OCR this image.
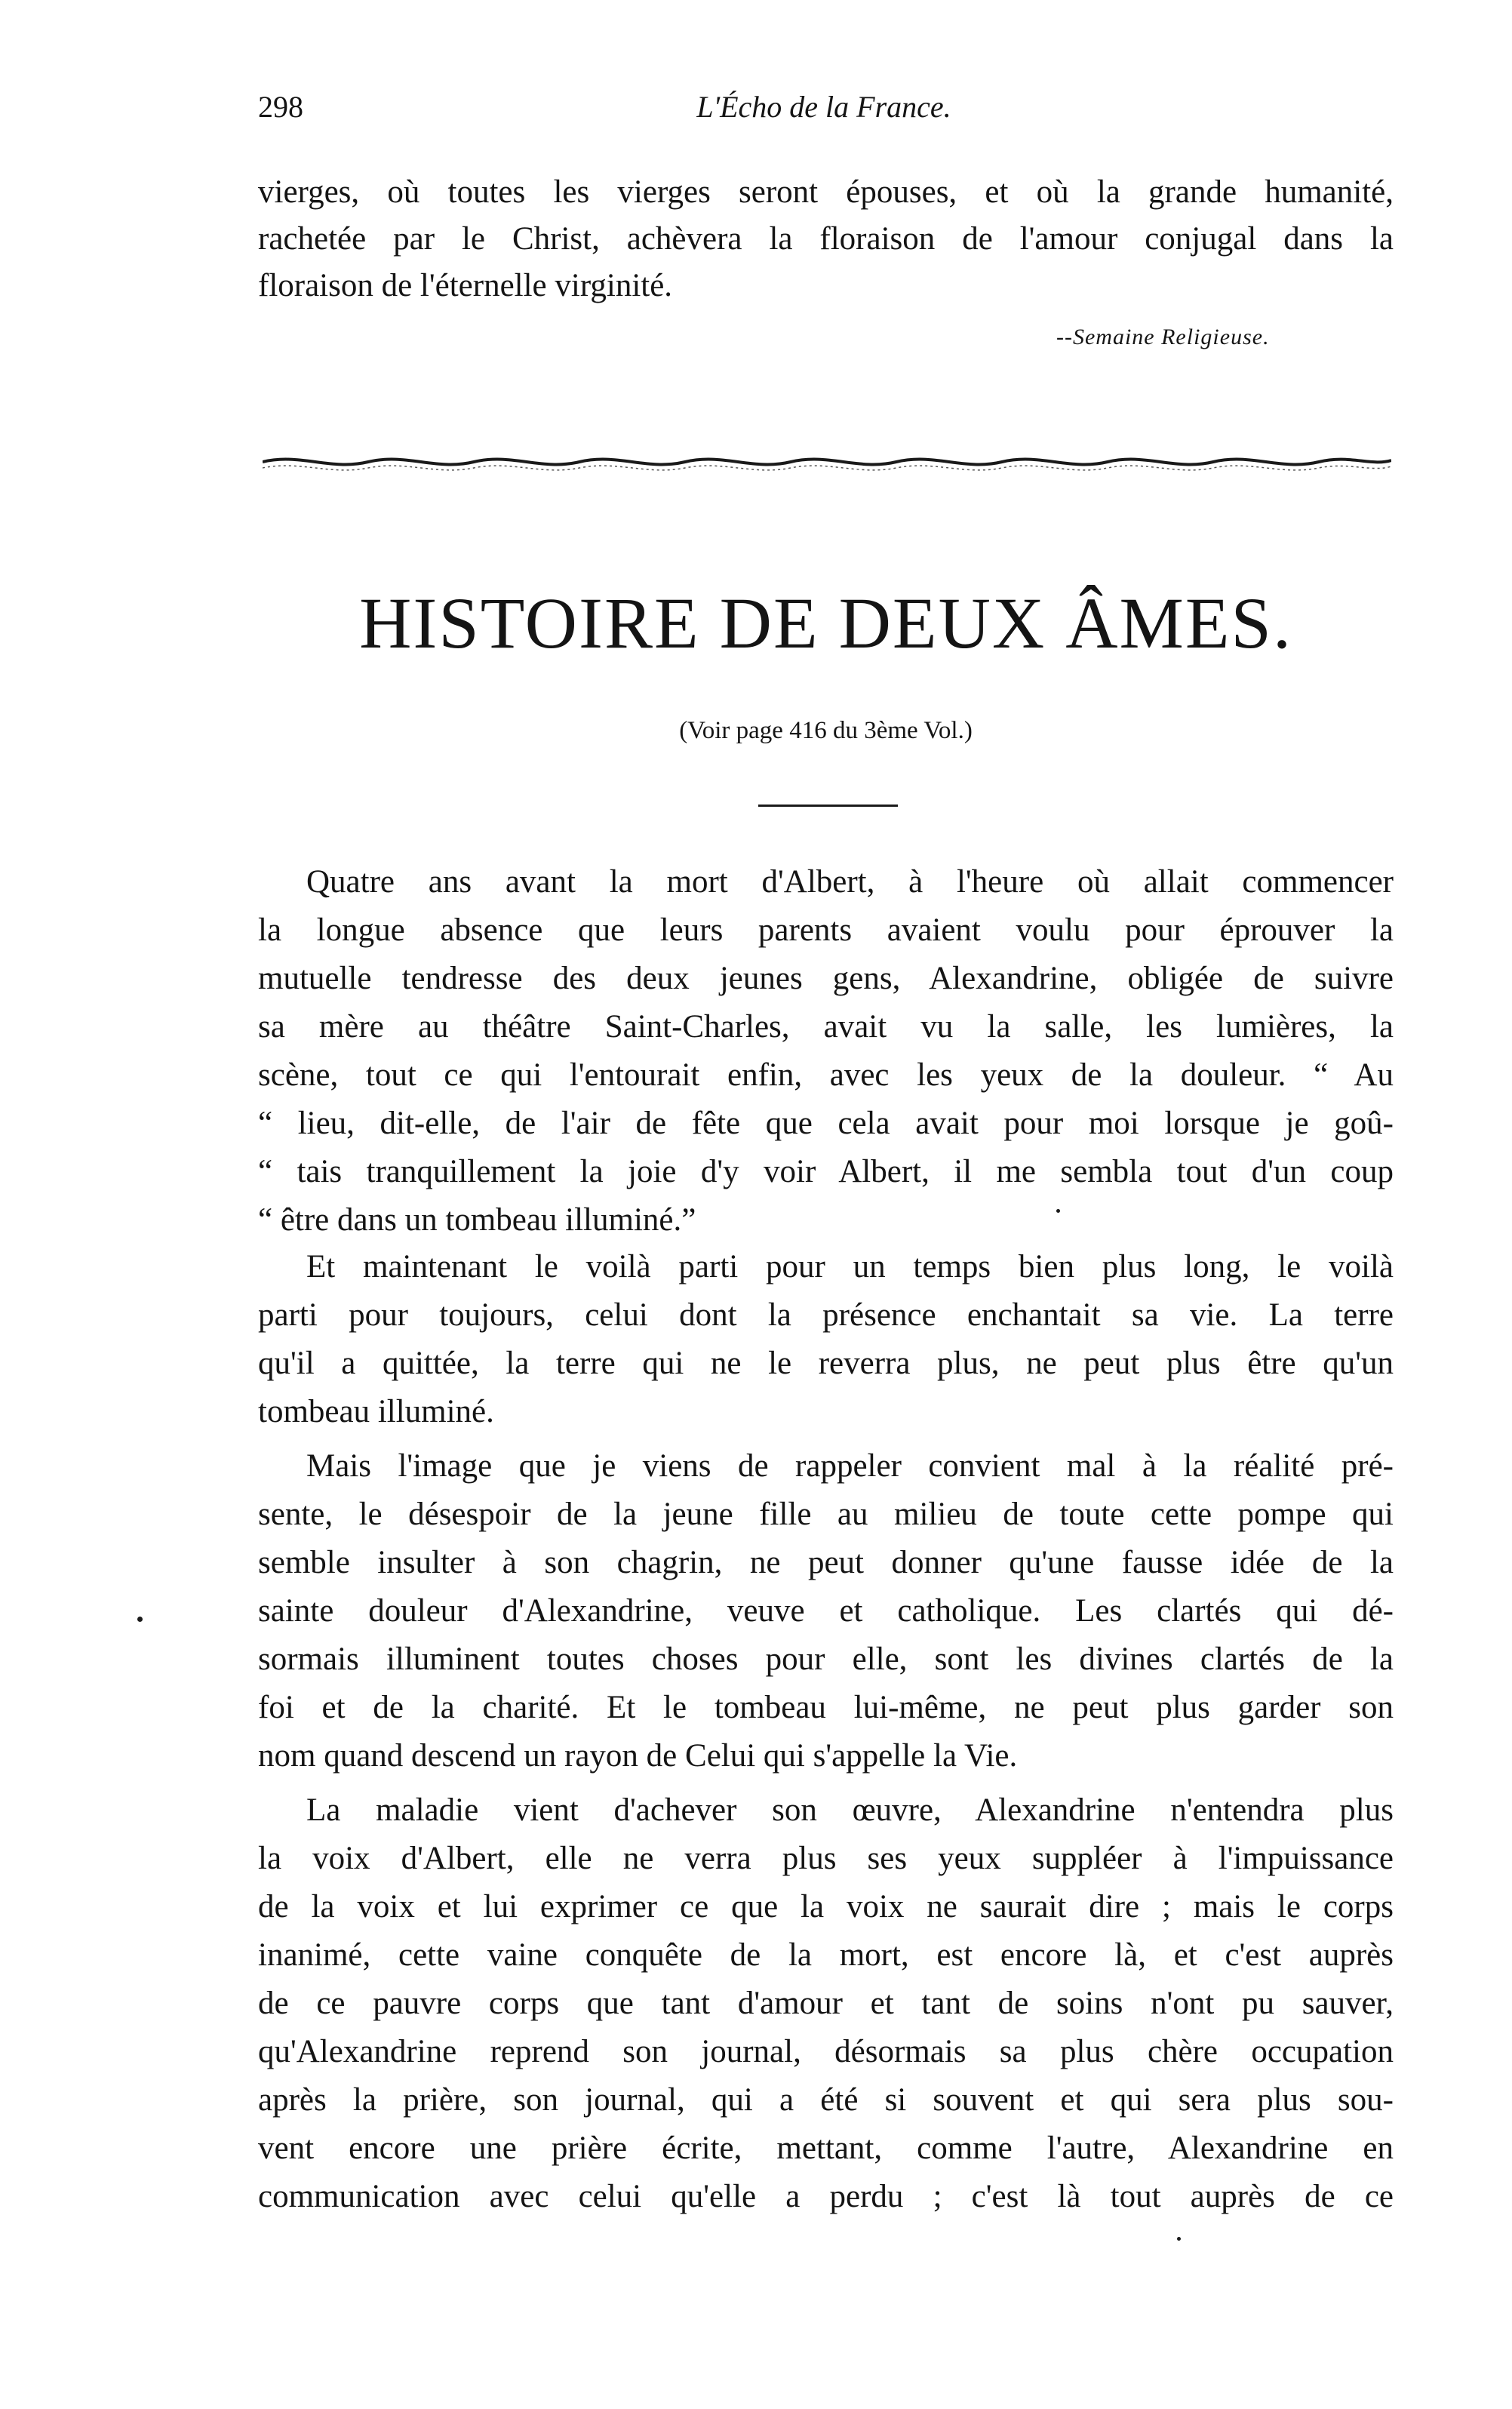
298	L'Écho de la France.
vierges, où toutes les vierges seront épouses, et où la grande humanité,
rachetée par le Christ, achèvera la floraison de l'amour conjugal dans la
floraison de l'éternelle virginité.
--Semaine Religieuse.
HISTOIRE DE DEUX ÂMES.
(Voir page 416 du 3ème Vol.)
Quatre ans avant la mort d'Albert, à l'heure où allait commencer
la longue absence que leurs parents avaient voulu pour éprouver la
mutuelle tendresse des deux jeunes gens, Alexandrine, obligée de suivre
sa mère au théâtre Saint-Charles, avait vu la salle, les lumières, la
scène, tout ce qui l'entourait enfin, avec les yeux de la douleur. “ Au
“ lieu, dit-elle, de l'air de fête que cela avait pour moi lorsque je goû-
“ tais tranquillement la joie d'y voir Albert, il me sembla tout d'un coup
“ être dans un tombeau illuminé.”
Et maintenant le voilà parti pour un temps bien plus long, le voilà
parti pour toujours, celui dont la présence enchantait sa vie. La terre
qu'il a quittée, la terre qui ne le reverra plus, ne peut plus être qu'un
tombeau illuminé.
Mais l'image que je viens de rappeler convient mal à la réalité pré-
sente, le désespoir de la jeune fille au milieu de toute cette pompe qui
semble insulter à son chagrin, ne peut donner qu'une fausse idée de la
sainte douleur d'Alexandrine, veuve et catholique. Les clartés qui dé-
sormais illuminent toutes choses pour elle, sont les divines clartés de la
foi et de la charité. Et le tombeau lui-même, ne peut plus garder son
nom quand descend un rayon de Celui qui s'appelle la Vie.
La maladie vient d'achever son œuvre, Alexandrine n'entendra plus
la voix d'Albert, elle ne verra plus ses yeux suppléer à l'impuissance
de la voix et lui exprimer ce que la voix ne saurait dire ; mais le corps
inanimé, cette vaine conquête de la mort, est encore là, et c'est auprès
de ce pauvre corps que tant d'amour et tant de soins n'ont pu sauver,
qu'Alexandrine reprend son journal, désormais sa plus chère occupation
après la prière, son journal, qui a été si souvent et qui sera plus sou-
vent encore une prière écrite, mettant, comme l'autre, Alexandrine en
communication avec celui qu'elle a perdu ; c'est là tout auprès de ce
